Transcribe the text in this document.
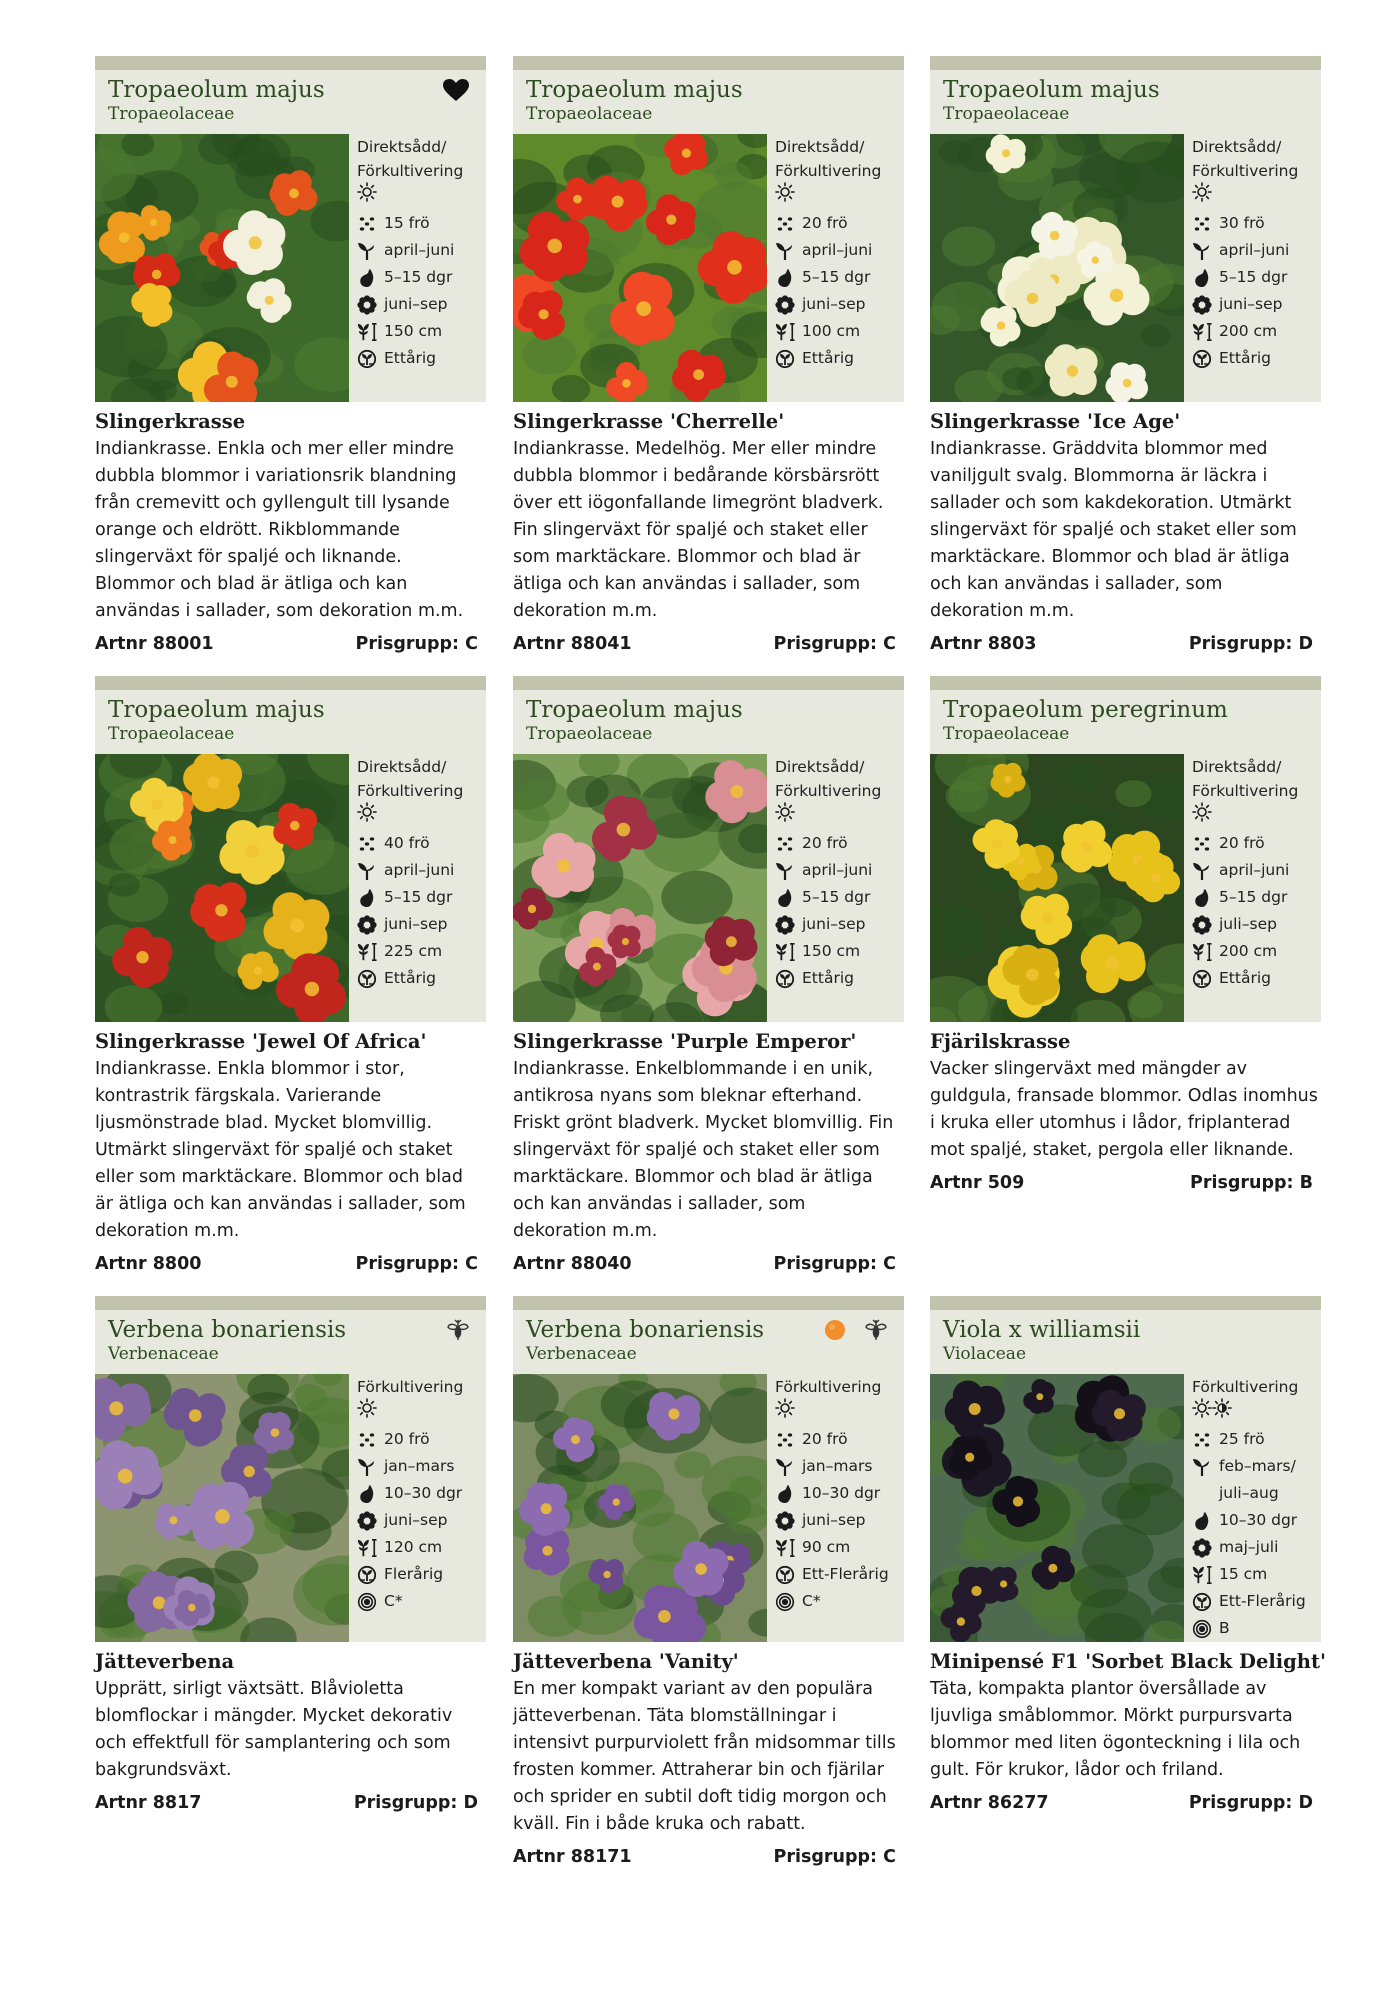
Tropaeolum majus
Tropaeolaceae
Direktsådd/
Förkultivering
15 frö
april–juni
5–15 dgr
juni–sep
150 cm
Ettårig
Slingerkrasse
Indiankrasse. Enkla och mer eller mindre dubbla blommor i variationsrik blandning från cremevitt och gyllengult till lysande orange och eldrött. Rikblommande slingerväxt för spaljé och liknande. Blommor och blad är ätliga och kan användas i sallader, som dekoration m.m.
Artnr 88001	Prisgrupp: C
Tropaeolum majus
Tropaeolaceae
Direktsådd/
Förkultivering
20 frö
april–juni
5–15 dgr
juni–sep
100 cm
Ettårig
Slingerkrasse 'Cherrelle'
Indiankrasse. Medelhög. Mer eller mindre dubbla blommor i bedårande körsbärsrött över ett iögonfallande limegrönt bladverk. Fin slingerväxt för spaljé och staket eller som marktäckare. Blommor och blad är ätliga och kan användas i sallader, som dekoration m.m.
Artnr 88041	Prisgrupp: C
Tropaeolum majus
Tropaeolaceae
Direktsådd/
Förkultivering
30 frö
april–juni
5–15 dgr
juni–sep
200 cm
Ettårig
Slingerkrasse 'Ice Age'
Indiankrasse. Gräddvita blommor med vaniljgult svalg. Blommorna är läckra i sallader och som kakdekoration. Utmärkt slingerväxt för spaljé och staket eller som marktäckare. Blommor och blad är ätliga och kan användas i sallader, som dekoration m.m.
Artnr 8803	Prisgrupp: D
Tropaeolum majus
Tropaeolaceae
Direktsådd/
Förkultivering
40 frö
april–juni
5–15 dgr
juni–sep
225 cm
Ettårig
Slingerkrasse 'Jewel Of Africa'
Indiankrasse. Enkla blommor i stor, kontrastrik färgskala. Varierande ljusmönstrade blad. Mycket blomvillig. Utmärkt slingerväxt för spaljé och staket eller som marktäckare. Blommor och blad är ätliga och kan användas i sallader, som dekoration m.m.
Artnr 8800	Prisgrupp: C
Tropaeolum majus
Tropaeolaceae
Direktsådd/
Förkultivering
20 frö
april–juni
5–15 dgr
juni–sep
150 cm
Ettårig
Slingerkrasse 'Purple Emperor'
Indiankrasse. Enkelblommande i en unik, antikrosa nyans som bleknar efterhand. Friskt grönt bladverk. Mycket blomvillig. Fin slingerväxt för spaljé och staket eller som marktäckare. Blommor och blad är ätliga och kan användas i sallader, som dekoration m.m.
Artnr 88040	Prisgrupp: C
Tropaeolum peregrinum
Tropaeolaceae
Direktsådd/
Förkultivering
20 frö
april–juni
5–15 dgr
juli–sep
200 cm
Ettårig
Fjärilskrasse
Vacker slingerväxt med mängder av guldgula, fransade blommor. Odlas inomhus i kruka eller utomhus i lådor, friplanterad mot spaljé, staket, pergola eller liknande.
Artnr 509	Prisgrupp: B
Verbena bonariensis
Verbenaceae
Förkultivering
20 frö
jan–mars
10–30 dgr
juni–sep
120 cm
Flerårig
C*
Jätteverbena
Upprätt, sirligt växtsätt. Blåvioletta blomflockar i mängder. Mycket dekorativ och effektfull för samplantering och som bakgrundsväxt.
Artnr 8817	Prisgrupp: D
Verbena bonariensis
Verbenaceae
Förkultivering
20 frö
jan–mars
10–30 dgr
juni–sep
90 cm
Ett-Flerårig
C*
Jätteverbena 'Vanity'
En mer kompakt variant av den populära jätteverbenan. Täta blomställningar i intensivt purpurviolett från midsommar tills frosten kommer. Attraherar bin och fjärilar och sprider en subtil doft tidig morgon och kväll. Fin i både kruka och rabatt.
Artnr 88171	Prisgrupp: C
Viola x williamsii
Violaceae
Förkultivering
25 frö
feb–mars/ juli–aug
10–30 dgr
maj–juli
15 cm
Ett-Flerårig
B
Minipensé F1 'Sorbet Black Delight'
Täta, kompakta plantor översållade av ljuvliga småblommor. Mörkt purpursvarta blommor med liten ögonteckning i lila och gult. För krukor, lådor och friland.
Artnr 86277	Prisgrupp: D
